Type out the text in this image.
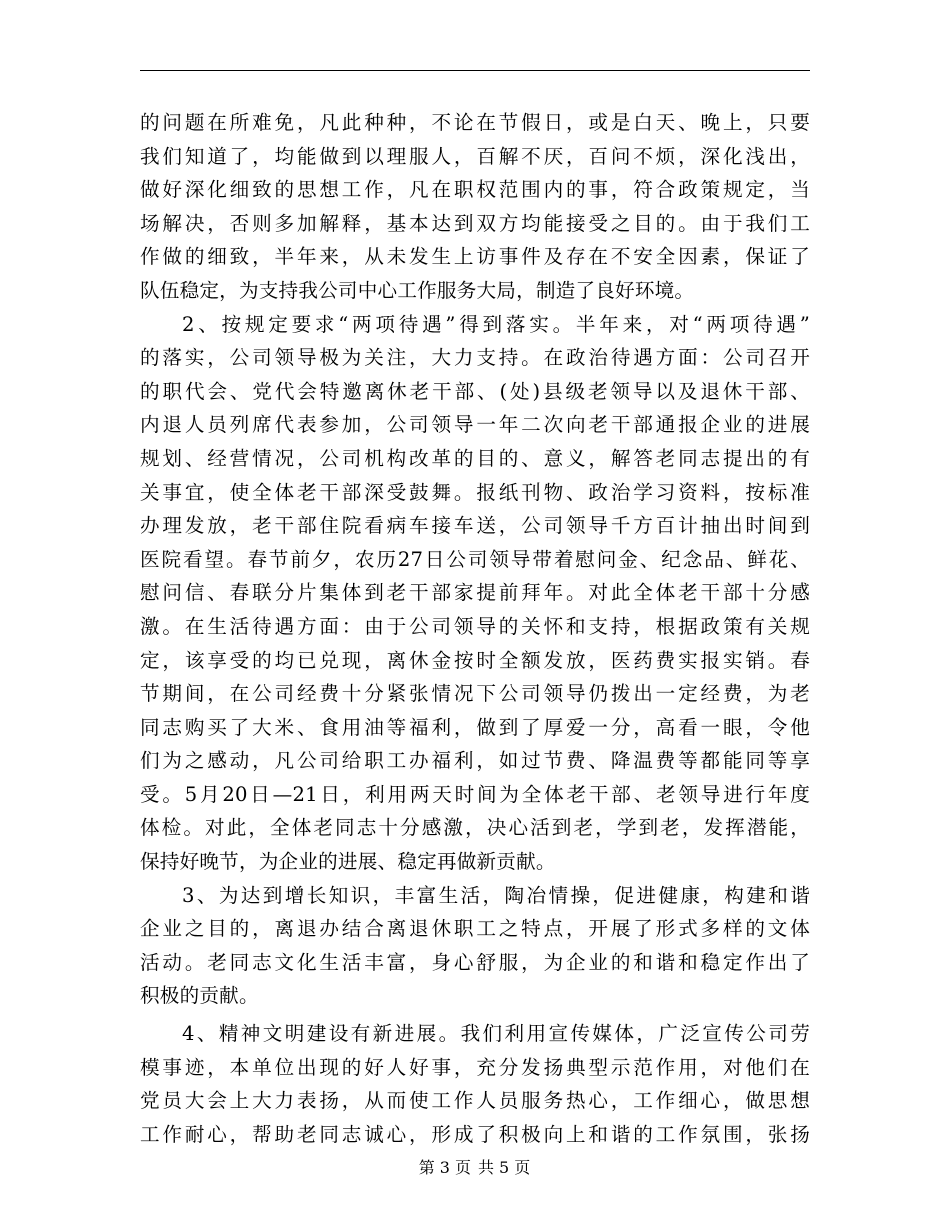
的问题在所难免，凡此种种，不论在节假日，或是白天、晚上，只要
我们知道了，均能做到以理服人，百解不厌，百问不烦，深化浅出，
做好深化细致的思想工作，凡在职权范围内的事，符合政策规定，当
场解决，否则多加解释，基本达到双方均能接受之目的。由于我们工
作做的细致，半年来，从未发生上访事件及存在不安全因素，保证了
队伍稳定，为支持我公司中心工作服务大局，制造了良好环境。
2、按规定要求“两项待遇”得到落实。半年来，对“两项待遇”
的落实，公司领导极为关注，大力支持。在政治待遇方面：公司召开
的职代会、党代会特邀离休老干部、(处)县级老领导以及退休干部、
内退人员列席代表参加，公司领导一年二次向老干部通报企业的进展
规划、经营情况，公司机构改革的目的、意义，解答老同志提出的有
关事宜，使全体老干部深受鼓舞。报纸刊物、政治学习资料，按标准
办理发放，老干部住院看病车接车送，公司领导千方百计抽出时间到
医院看望。春节前夕，农历27日公司领导带着慰问金、纪念品、鲜花、
慰问信、春联分片集体到老干部家提前拜年。对此全体老干部十分感
激。在生活待遇方面：由于公司领导的关怀和支持，根据政策有关规
定，该享受的均已兑现，离休金按时全额发放，医药费实报实销。春
节期间，在公司经费十分紧张情况下公司领导仍拨出一定经费，为老
同志购买了大米、食用油等福利，做到了厚爱一分，高看一眼，令他
们为之感动，凡公司给职工办福利，如过节费、降温费等都能同等享
受。5月20日—21日，利用两天时间为全体老干部、老领导进行年度
体检。对此，全体老同志十分感激，决心活到老，学到老，发挥潜能，
保持好晚节，为企业的进展、稳定再做新贡献。
3、为达到增长知识，丰富生活，陶冶情操，促进健康，构建和谐
企业之目的，离退办结合离退休职工之特点，开展了形式多样的文体
活动。老同志文化生活丰富，身心舒服，为企业的和谐和稳定作出了
积极的贡献。
4、精神文明建设有新进展。我们利用宣传媒体，广泛宣传公司劳
模事迹，本单位出现的好人好事，充分发扬典型示范作用，对他们在
党员大会上大力表扬，从而使工作人员服务热心，工作细心，做思想
工作耐心，帮助老同志诚心，形成了积极向上和谐的工作氛围，张扬
第 3 页 共 5 页
